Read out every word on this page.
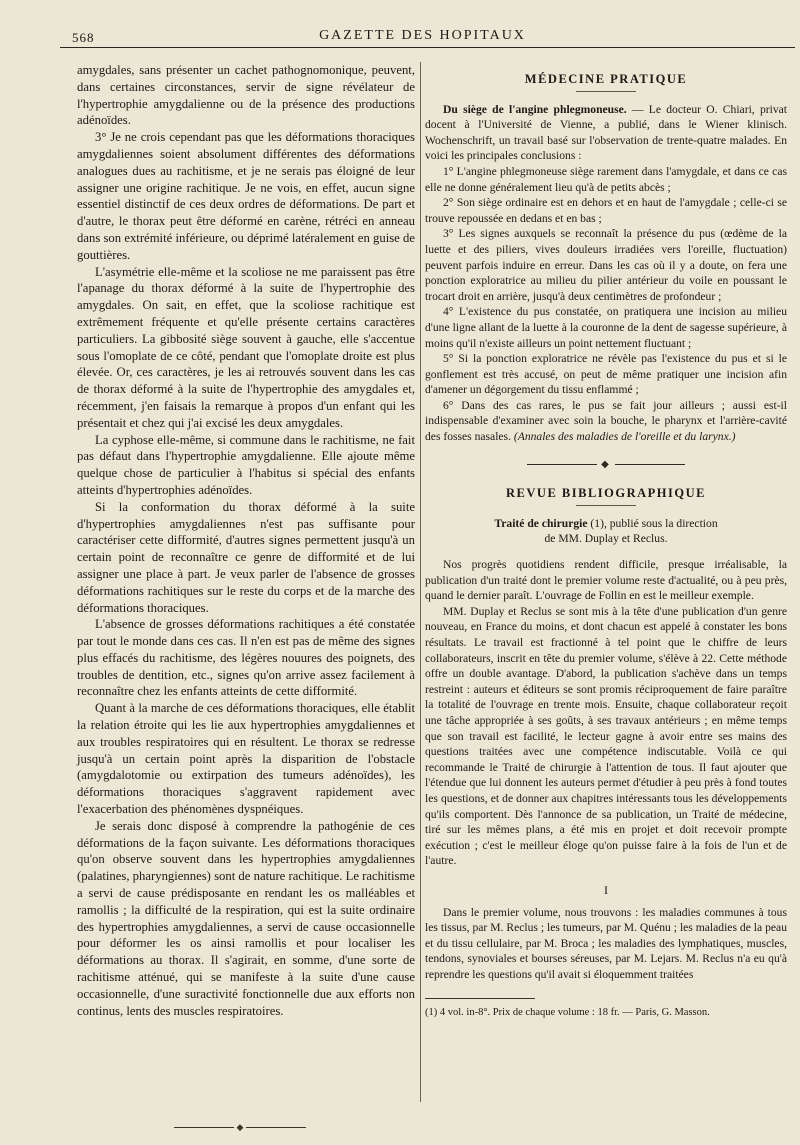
568	GAZETTE DES HOPITAUX

amygdales, sans présenter un cachet pathognomonique, peuvent, dans certaines circonstances, servir de signe révélateur de l'hypertrophie amygdalienne ou de la présence des productions adénoïdes.

3° Je ne crois cependant pas que les déformations thoraciques amygdaliennes soient absolument différentes des déformations analogues dues au rachitisme, et je ne serais pas éloigné de leur assigner une origine rachitique. Je ne vois, en effet, aucun signe essentiel distinctif de ces deux ordres de déformations. De part et d'autre, le thorax peut être déformé en carène, rétréci en anneau dans son extrémité inférieure, ou déprimé latéralement en guise de gouttières.

L'asymétrie elle-même et la scoliose ne me paraissent pas être l'apanage du thorax déformé à la suite de l'hypertrophie des amygdales. On sait, en effet, que la scoliose rachitique est extrêmement fréquente et qu'elle présente certains caractères particuliers. La gibbosité siège souvent à gauche, elle s'accentue sous l'omoplate de ce côté, pendant que l'omoplate droite est plus élevée. Or, ces caractères, je les ai retrouvés souvent dans les cas de thorax déformé à la suite de l'hypertrophie des amygdales et, récemment, j'en faisais la remarque à propos d'un enfant qui les présentait et chez qui j'ai excisé les deux amygdales.

La cyphose elle-même, si commune dans le rachitisme, ne fait pas défaut dans l'hypertrophie amygdalienne. Elle ajoute même quelque chose de particulier à l'habitus si spécial des enfants atteints d'hypertrophies adénoïdes.

Si la conformation du thorax déformé à la suite d'hypertrophies amygdaliennes n'est pas suffisante pour caractériser cette difformité, d'autres signes permettent jusqu'à un certain point de reconnaître ce genre de difformité et de lui assigner une place à part. Je veux parler de l'absence de grosses déformations rachitiques sur le reste du corps et de la marche des déformations thoraciques.

L'absence de grosses déformations rachitiques a été constatée par tout le monde dans ces cas. Il n'en est pas de même des signes plus effacés du rachitisme, des légères nouures des poignets, des troubles de dentition, etc., signes qu'on arrive assez facilement à reconnaître chez les enfants atteints de cette difformité.

Quant à la marche de ces déformations thoraciques, elle établit la relation étroite qui les lie aux hypertrophies amygdaliennes et aux troubles respiratoires qui en résultent. Le thorax se redresse jusqu'à un certain point après la disparition de l'obstacle (amygdalotomie ou extirpation des tumeurs adénoïdes), les déformations thoraciques s'aggravent rapidement avec l'exacerbation des phénomènes dyspnéiques.

Je serais donc disposé à comprendre la pathogénie de ces déformations de la façon suivante. Les déformations thoraciques qu'on observe souvent dans les hypertrophies amygdaliennes (palatines, pharyngiennes) sont de nature rachitique. Le rachitisme a servi de cause prédisposante en rendant les os malléables et ramollis ; la difficulté de la respiration, qui est la suite ordinaire des hypertrophies amygdaliennes, a servi de cause occasionnelle pour déformer les os ainsi ramollis et pour localiser les déformations au thorax. Il s'agirait, en somme, d'une sorte de rachitisme atténué, qui se manifeste à la suite d'une cause occasionnelle, d'une suractivité fonctionnelle due aux efforts non continus, lents des muscles respiratoires.

MÉDECINE PRATIQUE

Du siège de l'angine phlegmoneuse. — Le docteur O. Chiari, privat docent à l'Université de Vienne, a publié, dans le Wiener klinisch. Wochenschrift, un travail basé sur l'observation de trente-quatre malades. En voici les principales conclusions :

1° L'angine phlegmoneuse siège rarement dans l'amygdale, et dans ce cas elle ne donne généralement lieu qu'à de petits abcès ;

2° Son siège ordinaire est en dehors et en haut de l'amygdale ; celle-ci se trouve repoussée en dedans et en bas ;

3° Les signes auxquels se reconnaît la présence du pus (œdème de la luette et des piliers, vives douleurs irradiées vers l'oreille, fluctuation) peuvent parfois induire en erreur. Dans les cas où il y a doute, on fera une ponction exploratrice au milieu du pilier antérieur du voile en poussant le trocart droit en arrière, jusqu'à deux centimètres de profondeur ;

4° L'existence du pus constatée, on pratiquera une incision au milieu d'une ligne allant de la luette à la couronne de la dent de sagesse supérieure, à moins qu'il n'existe ailleurs un point nettement fluctuant ;

5° Si la ponction exploratrice ne révèle pas l'existence du pus et si le gonflement est très accusé, on peut de même pratiquer une incision afin d'amener un dégorgement du tissu enflammé ;

6° Dans des cas rares, le pus se fait jour ailleurs ; aussi est-il indispensable d'examiner avec soin la bouche, le pharynx et l'arrière-cavité des fosses nasales. (Annales des maladies de l'oreille et du larynx.)

◆
REVUE BIBLIOGRAPHIQUE
Traité de chirurgie (1), publié sous la direction
de MM. Duplay et Reclus.

Nos progrès quotidiens rendent difficile, presque irréalisable, la publication d'un traité dont le premier volume reste d'actualité, ou à peu près, quand le dernier paraît. L'ouvrage de Follin en est le meilleur exemple.

MM. Duplay et Reclus se sont mis à la tête d'une publication d'un genre nouveau, en France du moins, et dont chacun est appelé à constater les bons résultats. Le travail est fractionné à tel point que le chiffre de leurs collaborateurs, inscrit en tête du premier volume, s'élève à 22. Cette méthode offre un double avantage. D'abord, la publication s'achève dans un temps restreint : auteurs et éditeurs se sont promis réciproquement de faire paraître la totalité de l'ouvrage en trente mois. Ensuite, chaque collaborateur reçoit une tâche appropriée à ses goûts, à ses travaux antérieurs ; en même temps que son travail est facilité, le lecteur gagne à avoir entre ses mains des questions traitées avec une compétence indiscutable. Voilà ce qui recommande le Traité de chirurgie à l'attention de tous. Il faut ajouter que l'étendue que lui donnent les auteurs permet d'étudier à peu près à fond toutes les questions, et de donner aux chapitres intéressants tous les développements qu'ils comportent. Dès l'annonce de sa publication, un Traité de médecine, tiré sur les mêmes plans, a été mis en projet et doit recevoir prompte exécution ; c'est le meilleur éloge qu'on puisse faire à la fois de l'un et de l'autre.

I

Dans le premier volume, nous trouvons : les maladies communes à tous les tissus, par M. Reclus ; les tumeurs, par M. Quénu ; les maladies de la peau et du tissu cellulaire, par M. Broca ; les maladies des lymphatiques, muscles, tendons, synoviales et bourses séreuses, par M. Lejars. M. Reclus n'a eu qu'à reprendre les questions qu'il avait si éloquemment traitées

(1) 4 vol. in-8°. Prix de chaque volume : 18 fr. — Paris, G. Masson.

◆
